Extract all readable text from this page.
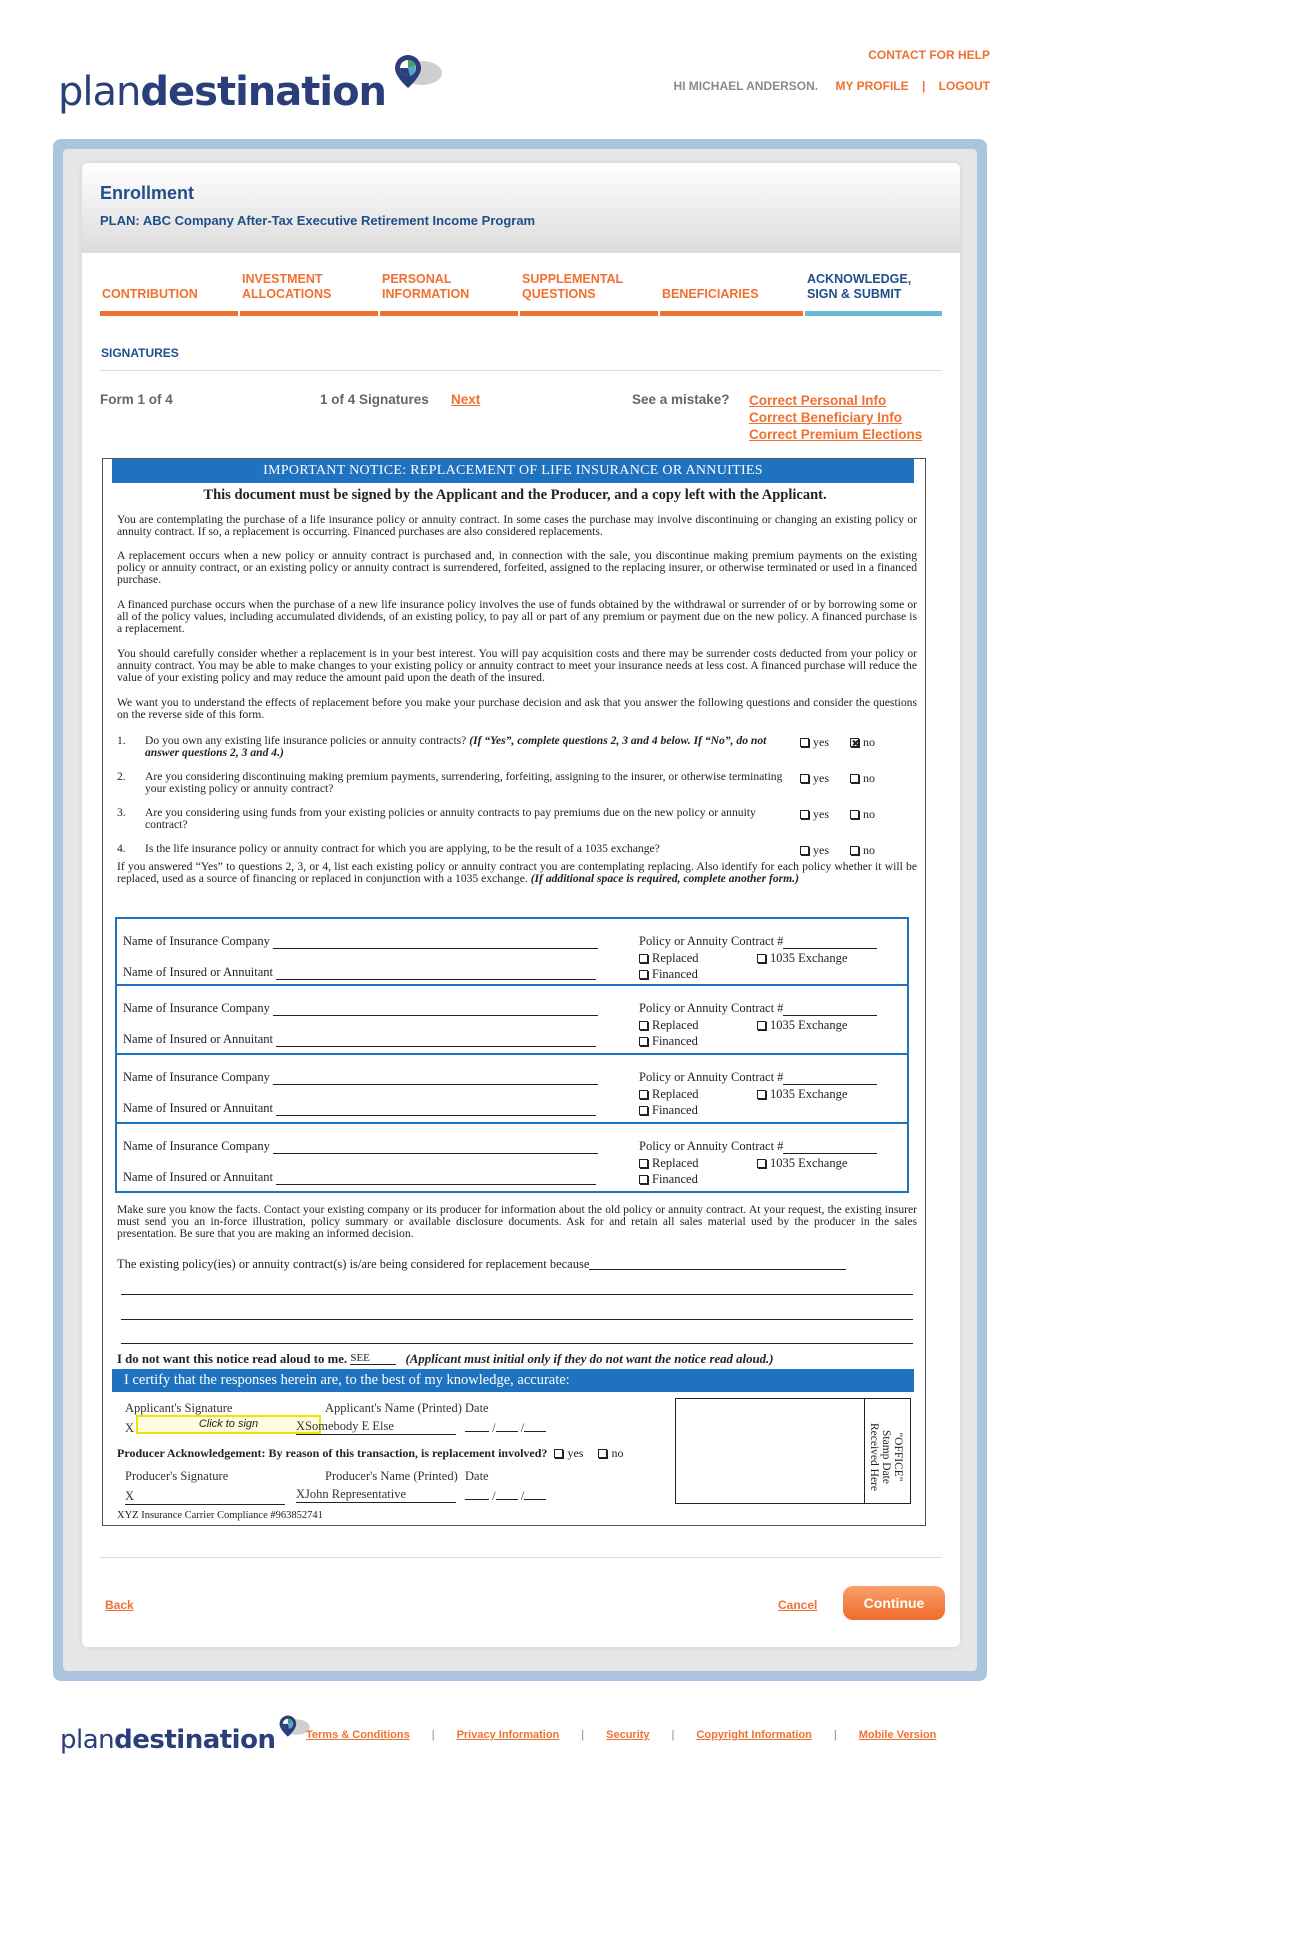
plan destination
CONTACT FOR HELP
HI MICHAEL ANDERSON. MY PROFILE | LOGOUT
Enrollment
PLAN: ABC Company After-Tax Executive Retirement Income Program
CONTRIBUTION
INVESTMENT
ALLOCATIONS
PERSONAL
INFORMATION
SUPPLEMENTAL
QUESTIONS	BENEFICIARIES
ACKNOWLEDGE,
SIGN & SUBMIT
SIGNATURES
Form 1 of 4	1 of 4 Signatures Next	See a mistake? Correct Personal Info
Correct Beneficiary Info
Correct Premium Elections
IMPORTANT NOTICE: REPLACEMENT OF LIFE INSURANCE OR ANNUITIES
This document must be signed by the Applicant and the Producer, and a copy left with the Applicant.
You are contemplating the purchase of a life insurance policy or annuity contract. In some cases the purchase may involve discontinuing or changing an existing policy or annuity contract. If so, a replacement is occurring. Financed purchases are also considered replacements.
A replacement occurs when a new policy or annuity contract is purchased and, in connection with the sale, you discontinue making premium payments on the existing policy or annuity contract, or an existing policy or annuity contract is surrendered, forfeited, assigned to the replacing insurer, or otherwise terminated or used in a financed purchase.
A financed purchase occurs when the purchase of a new life insurance policy involves the use of funds obtained by the withdrawal or surrender of or by borrowing some or all of the policy values, including accumulated dividends, of an existing policy, to pay all or part of any premium or payment due on the new policy. A financed purchase is a replacement.
You should carefully consider whether a replacement is in your best interest. You will pay acquisition costs and there may be surrender costs deducted from your policy or annuity contract. You may be able to make changes to your existing policy or annuity contract to meet your insurance needs at less cost. A financed purchase will reduce the value of your existing policy and may reduce the amount paid upon the death of the insured.
We want you to understand the effects of replacement before you make your purchase decision and ask that you answer the following questions and consider the questions on the reverse side of this form.
1. Do you own any existing life insurance policies or annuity contracts? (If “Yes”, complete questions 2, 3 and 4 below. If “No”, do not answer questions 2, 3 and 4.)
yes	no
2. Are you considering discontinuing making premium payments, surrendering, forfeiting, assigning to the insurer, or otherwise terminating your existing policy or annuity contract?
yes	no
3. Are you considering using funds from your existing policies or annuity contracts to pay premiums due on the new policy or annuity contract?
yes	no
4. Is the life insurance policy or annuity contract for which you are applying, to be the result of a 1035 exchange?	yes	no
If you answered “Yes” to questions 2, 3, or 4, list each existing policy or annuity contract you are contemplating replacing. Also identify for each policy whether it will be replaced, used as a source of financing or replaced in conjunction with a 1035 exchange. (If additional space is required, complete another form.)
Name of Insurance Company
Name of Insured or Annuitant
Policy or Annuity Contract #
Replaced	1035 Exchange
Financed
Name of Insurance Company
Name of Insured or Annuitant
Policy or Annuity Contract #
Replaced	1035 Exchange
Financed
Name of Insurance Company
Name of Insured or Annuitant
Policy or Annuity Contract #
Replaced	1035 Exchange
Financed
Name of Insurance Company
Name of Insured or Annuitant
Policy or Annuity Contract #
Replaced	1035 Exchange
Financed
Make sure you know the facts. Contact your existing company or its producer for information about the old policy or annuity contract. At your request, the existing insurer must send you an in-force illustration, policy summary or available disclosure documents. Ask for and retain all sales material used by the producer in the sales presentation. Be sure that you are making an informed decision.
The existing policy(ies) or annuity contract(s) is/are being considered for replacement because
I do not want this notice read aloud to me. SEE	(Applicant must initial only if they do not want the notice read aloud.)
I certify that the responses herein are, to the best of my knowledge, accurate:
Applicant's Signature	Applicant's Name (Printed) Date
X	Click to sign	XSomebody E Else	/ /
Producer Acknowledgement: By reason of this transaction, is replacement involved? yes no
Producer's Signature	Producer's Name (Printed) Date
X	XJohn Representative	/ /
"OFFICE" Stamp Date Received Here
XYZ Insurance Carrier Compliance #963852741
Back	Cancel	Continue
plan destination	Terms & Conditions | Privacy Information | Security | Copyright Information | Mobile Version
